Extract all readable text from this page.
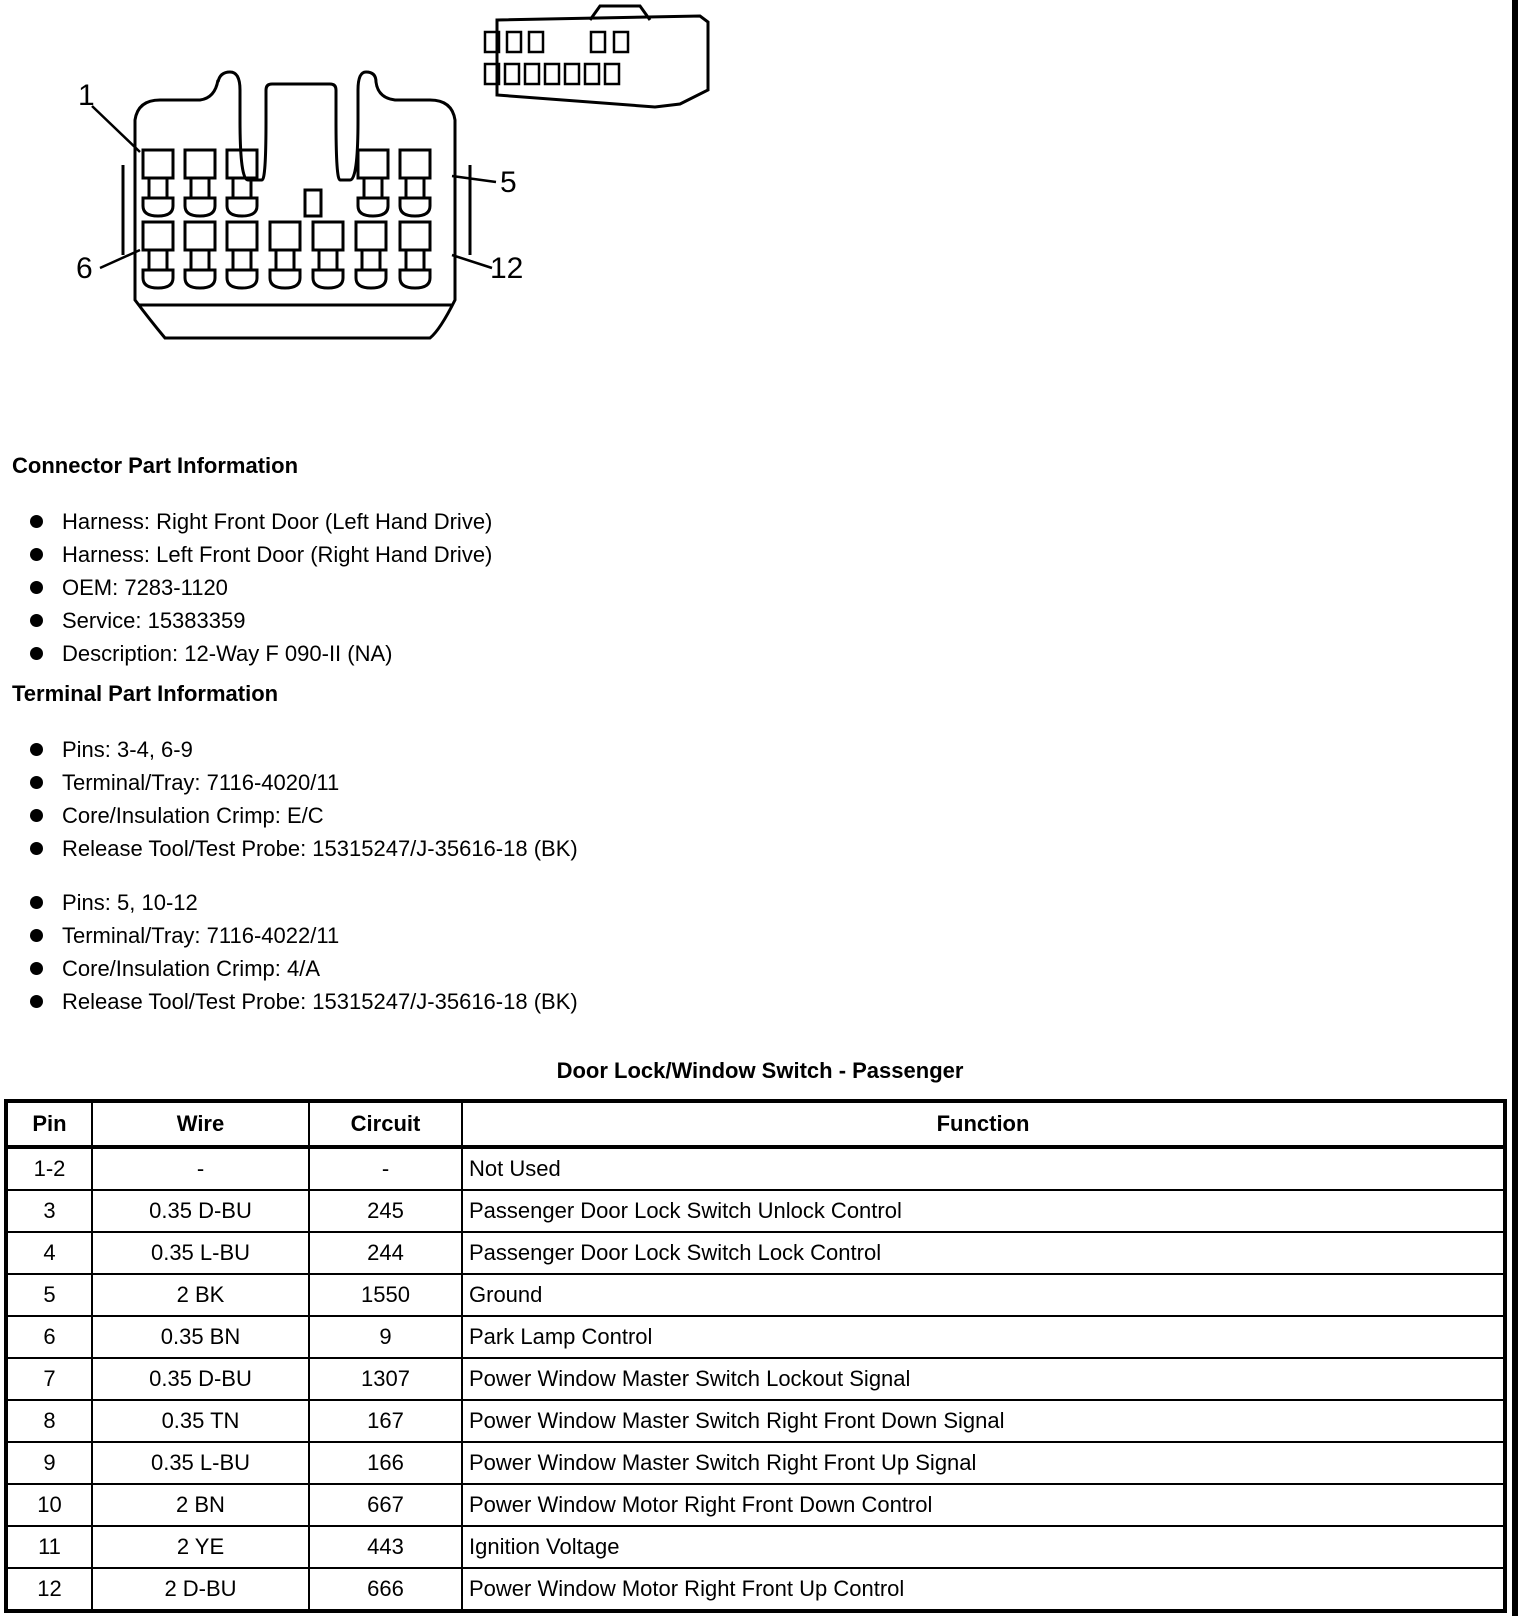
1
5
6	12
Connector Part Information
Harness: Right Front Door (Left Hand Drive)
Harness: Left Front Door (Right Hand Drive)
OEM: 7283-1120
Service: 15383359
Description: 12-Way F 090-II (NA)
Terminal Part Information
Pins: 3-4, 6-9
Terminal/Tray: 7116-4020/11
Core/Insulation Crimp: E/C
Release Tool/Test Probe: 15315247/J-35616-18 (BK)
Pins: 5, 10-12
Terminal/Tray: 7116-4022/11
Core/Insulation Crimp: 4/A
Release Tool/Test Probe: 15315247/J-35616-18 (BK)
Door Lock/Window Switch - Passenger
Pin	Wire	Circuit	Function
1-2	-	-	Not Used
3	0.35 D-BU	245	Passenger Door Lock Switch Unlock Control
4	0.35 L-BU	244	Passenger Door Lock Switch Lock Control
5	2 BK	1550	Ground
6	0.35 BN	9	Park Lamp Control
7	0.35 D-BU	1307	Power Window Master Switch Lockout Signal
8	0.35 TN	167	Power Window Master Switch Right Front Down Signal
9	0.35 L-BU	166	Power Window Master Switch Right Front Up Signal
10	2 BN	667	Power Window Motor Right Front Down Control
11	2 YE	443	Ignition Voltage
12	2 D-BU	666	Power Window Motor Right Front Up Control
